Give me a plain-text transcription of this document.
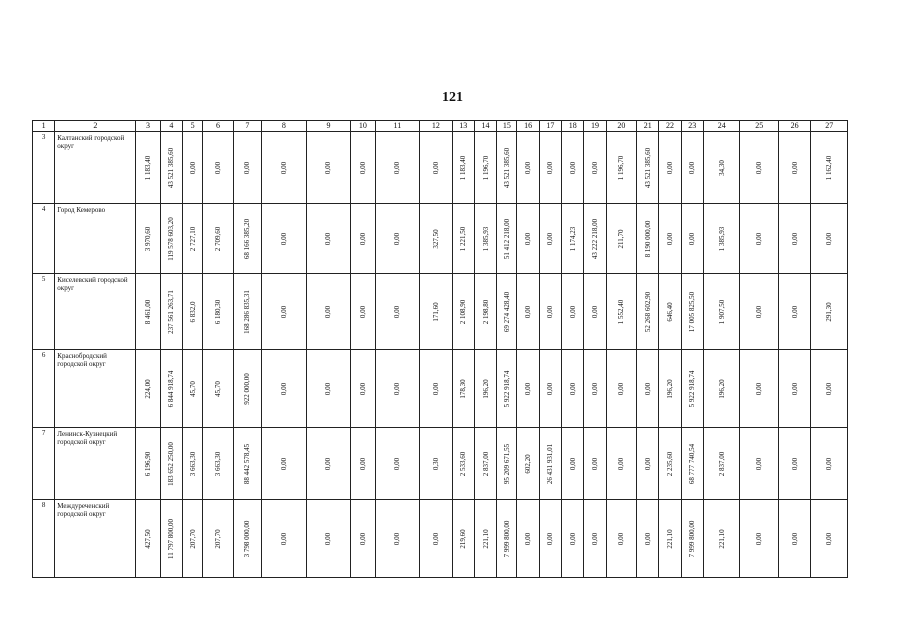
121
1	2	3	4	5	6	7	8	9	10	11	12	13	14	15	16	17	18	19	20	21	22	23	24	25	26	27
3	Калтанский городской округ	1 183,40	43 521 385,60	0,00	0,00	0,00	0,00	0,00	0,00	0,00	0,00	1 183,40	1 196,70	43 521 385,60	0,00	0,00	0,00	0,00	1 196,70	43 521 385,60	0,00	0,00	34,30	0,00	0,00	1 162,40

4	Город Кемерово	3 970,60	119 578 603,20	2 727,10	2 709,60	68 166 385,20	0,00	0,00	0,00	0,00	327,50	1 221,50	1 385,93	51 412 218,00	0,00	0,00	1 174,23	43 222 218,00	211,70	8 190 000,00	0,00	0,00	1 385,93	0,00	0,00	0,00

5	Киселевский городской округ	8 461,00	237 561 263,71	6 832,0	6 180,30	168 286 835,31	0,00	0,00	0,00	0,00	171,60	2 108,90	2 198,80	69 274 428,40	0,00	0,00	0,00	0,00	1 552,40	52 268 602,90	646,40	17 005 825,50	1 907,50	0,00	0,00	291,30

6	Краснобродский городской округ	224,00	6 844 918,74	45,70	45,70	922 000,00	0,00	0,00	0,00	0,00	0,00	178,30	196,20	5 922 918,74	0,00	0,00	0,00	0,00	0,00	0,00	196,20	5 922 918,74	196,20	0,00	0,00	0,00

7	Ленинск-Кузнецкий городской округ	6 196,90	183 652 250,00	3 663,30	3 663,30	88 442 578,45	0,00	0,00	0,00	0,00	0,30	2 533,60	2 837,00	95 209 671,55	602,20	26 431 931,01	0,00	0,00	0,00	0,00	2 235,60	68 777 740,54	2 837,00	0,00	0,00	0,00

8	Междуреченский городской округ	427,50	11 797 800,00	207,70	207,70	3 798 000,00	0,00	0,00	0,00	0,00	0,00	219,60	221,10	7 999 800,00	0,00	0,00	0,00	0,00	0,00	0,00	221,10	7 999 800,00	221,10	0,00	0,00	0,00
